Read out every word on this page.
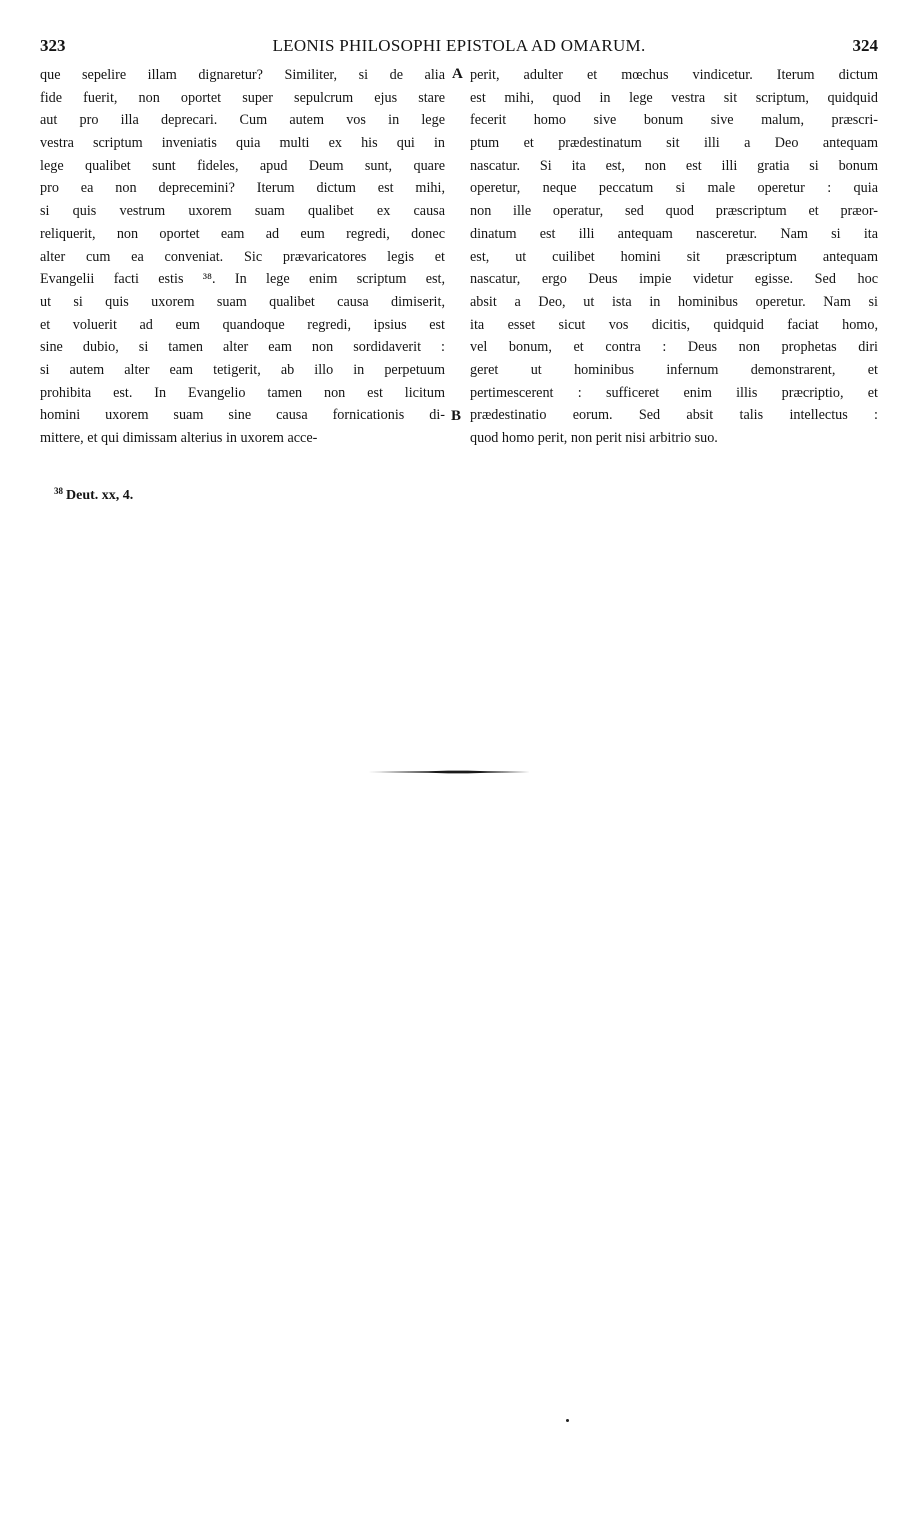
323	LEONIS PHILOSOPHI EPISTOLA AD OMARUM.	324
que sepelire illam dignaretur? Similiter, si de alia
fide fuerit, non oportet super sepulcrum ejus stare
aut pro illa deprecari. Cum autem vos in lege
vestra scriptum inveniatis quia multi ex his qui in
lege qualibet sunt fideles, apud Deum sunt, quare
pro ea non deprecemini? Iterum dictum est mihi,
si quis vestrum uxorem suam qualibet ex causa
reliquerit, non oportet eam ad eum regredi, donec
alter cum ea conveniat. Sic prævaricatores legis et
Evangelii facti estis ³⁸. In lege enim scriptum est,
ut si quis uxorem suam qualibet causa dimiserit,
et voluerit ad eum quandoque regredi, ipsius est
sine dubio, si tamen alter eam non sordidaverit :
si autem alter eam tetigerit, ab illo in perpetuum
prohibita est. In Evangelio tamen non est licitum
homini uxorem suam sine causa fornicationis di-
mittere, et qui dimissam alterius in uxorem acce-
A
B
perit, adulter et mœchus vindicetur. Iterum dictum
est mihi, quod in lege vestra sit scriptum, quidquid
fecerit homo sive bonum sive malum, præscri-
ptum et prædestinatum sit illi a Deo antequam
nascatur. Si ita est, non est illi gratia si bonum
operetur, neque peccatum si male operetur : quia
non ille operatur, sed quod præscriptum et præor-
dinatum est illi antequam nasceretur. Nam si ita
est, ut cuilibet homini sit præscriptum antequam
nascatur, ergo Deus impie videtur egisse. Sed hoc
absit a Deo, ut ista in hominibus operetur. Nam si
ita esset sicut vos dicitis, quidquid faciat homo,
vel bonum, et contra : Deus non prophetas diri
geret ut hominibus infernum demonstrarent, et
pertimescerent : sufficeret enim illis præcriptio, et
prædestinatio eorum. Sed absit talis intellectus :
quod homo perit, non perit nisi arbitrio suo.
$^{38}$ Deut. xx, 4.
